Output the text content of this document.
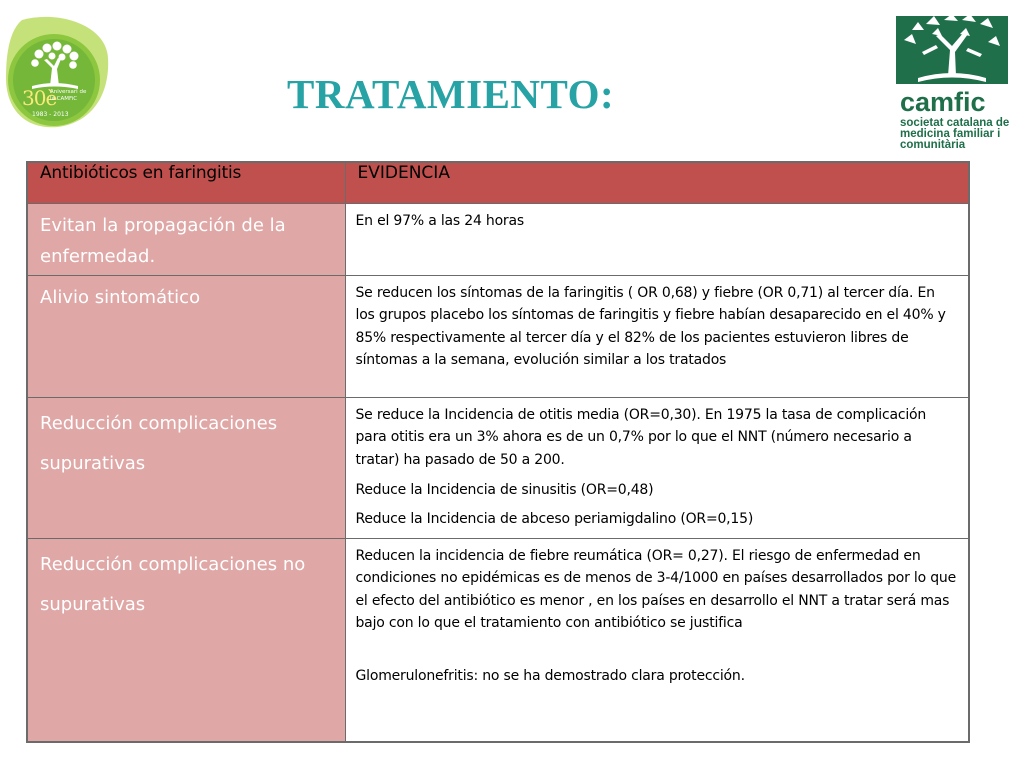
30è
Aniversari de la CAMFiC
1983 - 2013	TRATAMIENTO:	camfic
societat catalana de
medicina familiar i
comunitària
Antibióticos en faringitis	EVIDENCIA
Evitan la propagación de la enfermedad.	En el 97% a las 24 horas

Alivio sintomático	Se reducen los síntomas de la faringitis ( OR 0,68) y fiebre (OR 0,71) al tercer día. En los grupos placebo los síntomas de faringitis y fiebre habían desaparecido en el 40% y 85% respectivamente al tercer día y el 82% de los pacientes estuvieron libres de síntomas a la semana, evolución similar a los tratados

Reducción complicaciones supurativas	Se reduce la Incidencia de otitis media (OR=0,30). En 1975 la tasa de complicación para otitis era un 3% ahora es de un 0,7% por lo que el NNT (número necesario a tratar) ha pasado de 50 a 200.

Reduce la Incidencia de sinusitis (OR=0,48)

Reduce la Incidencia de abceso periamigdalino (OR=0,15)

Reducción complicaciones no supurativas	Reducen la incidencia de fiebre reumática (OR= 0,27). El riesgo de enfermedad en condiciones no epidémicas es de menos de 3-4/1000 en países desarrollados por lo que el efecto del antibiótico es menor , en los países en desarrollo el NNT a tratar será mas bajo con lo que el tratamiento con antibiótico se justifica

Glomerulonefritis: no se ha demostrado clara protección.
